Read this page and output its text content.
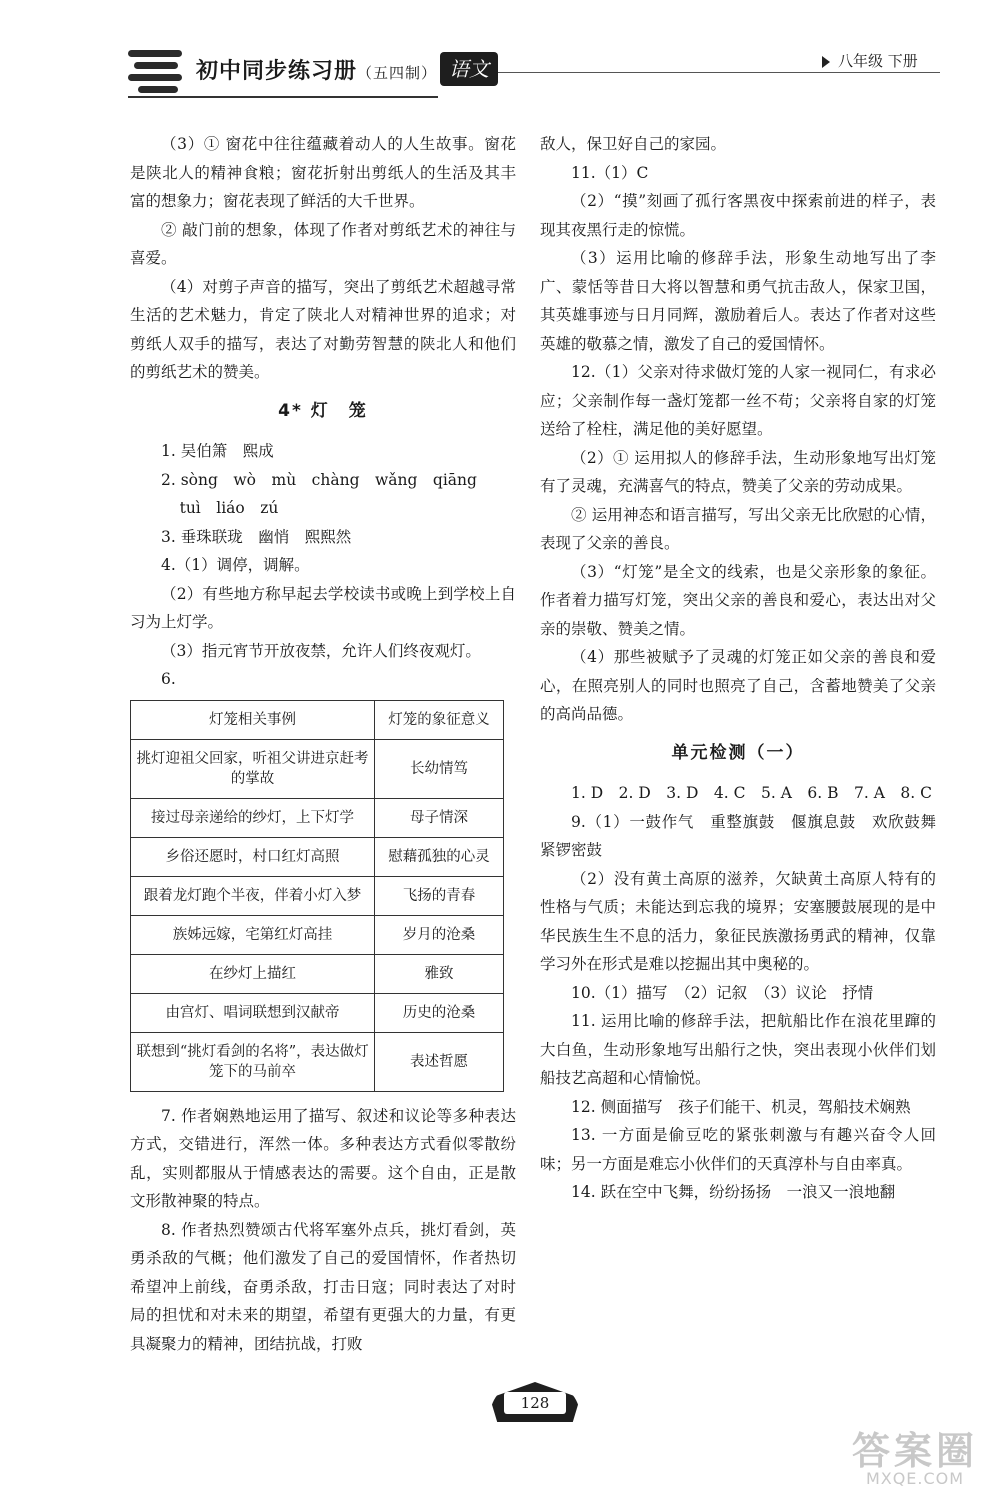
初中同步练习册（五四制） 语文	八年级 下册

（3）① 窗花中往往蕴藏着动人的人生故事。窗花是陕北人的精神食粮；窗花折射出剪纸人的生活及其丰富的想象力；窗花表现了鲜活的大千世界。

② 敲门前的想象，体现了作者对剪纸艺术的神往与喜爱。

（4）对剪子声音的描写，突出了剪纸艺术超越寻常生活的艺术魅力，肯定了陕北人对精神世界的追求；对剪纸人双手的描写，表达了对勤劳智慧的陕北人和他们的剪纸艺术的赞美。

4* 灯　笼

1. 吴伯箫　熙成

2. sòng　wò　mù　chàng　wǎng　qiāng

tuì　liáo　zú

3. 垂珠联珑　幽悄　熙熙然

4.（1）调停，调解。

（2）有些地方称早起去学校读书或晚上到学校上自习为上灯学。

（3）指元宵节开放夜禁，允许人们终夜观灯。

6.

灯笼相关事例	灯笼的象征意义
挑灯迎祖父回家，听祖父讲进京赶考的掌故	长幼情笃
接过母亲递给的纱灯，上下灯学	母子情深
乡俗还愿时，村口红灯高照	慰藉孤独的心灵
跟着龙灯跑个半夜，伴着小灯入梦	飞扬的青春
族姊远嫁，宅第红灯高挂	岁月的沧桑
在纱灯上描红	雅致
由宫灯、唱词联想到汉献帝	历史的沧桑
联想到“挑灯看剑的名将”，表达做灯笼下的马前卒	表述哲愿

7. 作者娴熟地运用了描写、叙述和议论等多种表达方式，交错进行，浑然一体。多种表达方式看似零散纷乱，实则都服从于情感表达的需要。这个自由，正是散文形散神聚的特点。

8. 作者热烈赞颂古代将军塞外点兵，挑灯看剑，英勇杀敌的气概；他们激发了自己的爱国情怀，作者热切希望冲上前线，奋勇杀敌，打击日寇；同时表达了对时局的担忧和对未来的期望，希望有更强大的力量，有更具凝聚力的精神，团结抗战，打败

敌人，保卫好自己的家园。

11.（1）C

（2）“摸”刻画了孤行客黑夜中探索前进的样子，表现其夜黑行走的惊慌。

（3）运用比喻的修辞手法，形象生动地写出了李广、蒙恬等昔日大将以智慧和勇气抗击敌人，保家卫国，其英雄事迹与日月同辉，激励着后人。表达了作者对这些英雄的敬慕之情，激发了自己的爱国情怀。

12.（1）父亲对待求做灯笼的人家一视同仁，有求必应；父亲制作每一盏灯笼都一丝不苟；父亲将自家的灯笼送给了栓柱，满足他的美好愿望。

（2）① 运用拟人的修辞手法，生动形象地写出灯笼有了灵魂，充满喜气的特点，赞美了父亲的劳动成果。

② 运用神态和语言描写，写出父亲无比欣慰的心情，表现了父亲的善良。

（3）“灯笼”是全文的线索，也是父亲形象的象征。作者着力描写灯笼，突出父亲的善良和爱心，表达出对父亲的崇敬、赞美之情。

（4）那些被赋予了灵魂的灯笼正如父亲的善良和爱心，在照亮别人的同时也照亮了自己，含蓄地赞美了父亲的高尚品德。

单元检测（一）

1. D　2. D　3. D　4. C　5. A　6. B　7. A　8. C

9.（1）一鼓作气　重整旗鼓　偃旗息鼓　欢欣鼓舞　紧锣密鼓

（2）没有黄土高原的滋养，欠缺黄土高原人特有的性格与气质；未能达到忘我的境界；安塞腰鼓展现的是中华民族生生不息的活力，象征民族激扬勇武的精神，仅靠学习外在形式是难以挖掘出其中奥秘的。

10.（1）描写　（2）记叙　（3）议论　抒情

11. 运用比喻的修辞手法，把航船比作在浪花里蹿的大白鱼，生动形象地写出船行之快，突出表现小伙伴们划船技艺高超和心情愉悦。

12. 侧面描写　孩子们能干、机灵，驾船技术娴熟

13. 一方面是偷豆吃的紧张刺激与有趣兴奋令人回味；另一方面是难忘小伙伴们的天真淳朴与自由率真。

14. 跃在空中飞舞，纷纷扬扬　一浪又一浪地翻

128
答案圈
MXQE.COM
